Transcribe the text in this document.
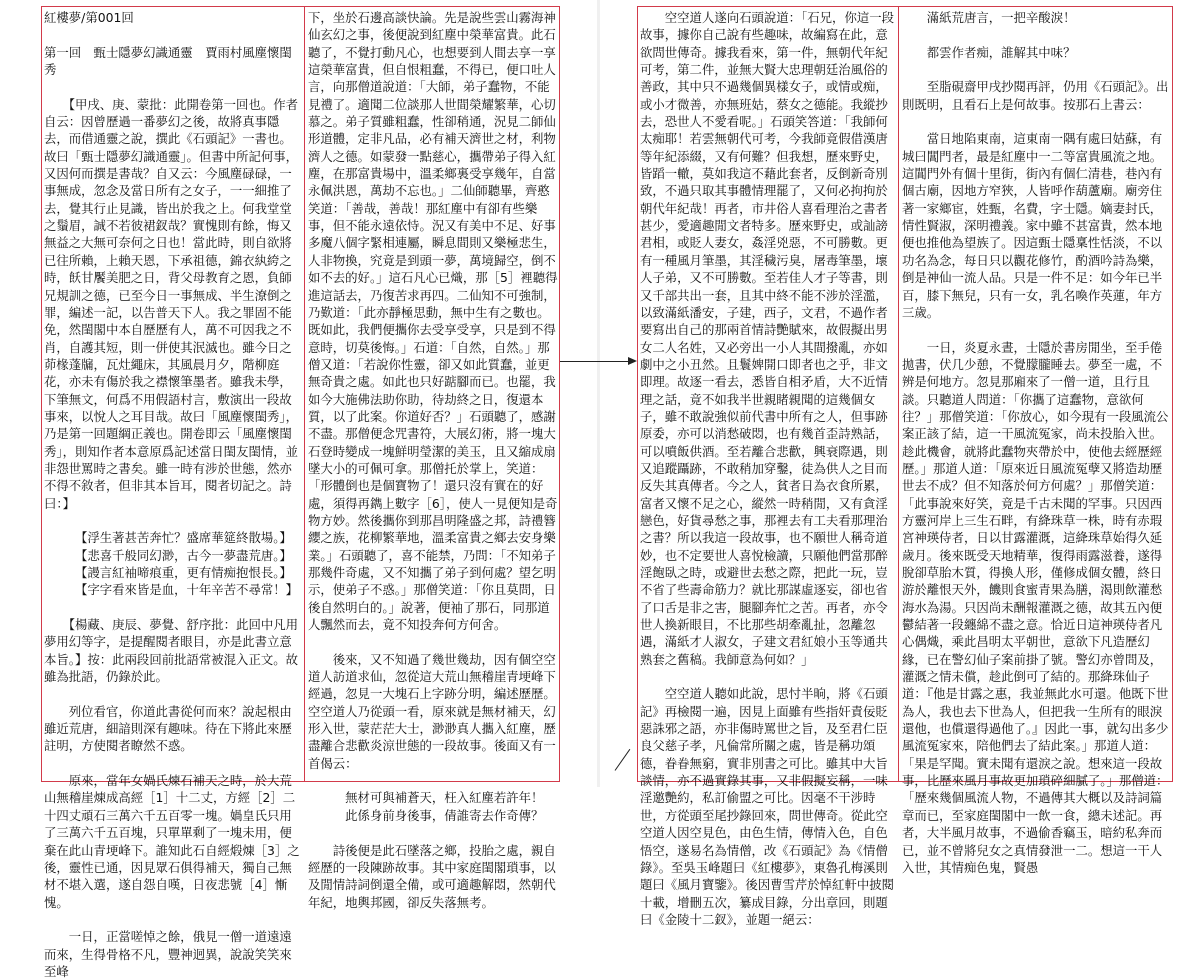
紅樓夢/第001回

第一回　甄士隱夢幻識通靈　賈雨村風塵懷閨秀

　　【甲戌、庚、蒙批：此開卷第一回也。作者自云：因曾歷過一番夢幻之後，故將真事隱去，而借通靈之說，撰此《石頭記》一書也。故曰「甄士隱夢幻識通靈」。但書中所記何事，又因何而撰是書哉？自又云：今風塵碌碌，一事無成，忽念及當日所有之女子，一一細推了去，覺其行止見識，皆出於我之上。何我堂堂之鬚眉，誠不若彼裙釵哉？實愧則有餘，悔又無益之大無可奈何之日也！當此時，則自欲將已往所賴，上賴天恩，下承祖德，錦衣紈絝之時，飫甘饜美肥之日，背父母教育之恩，負師兄規訓之德，已至今日一事無成、半生潦倒之罪，編述一記，以告普天下人。我之罪固不能免，然閨閣中本自歷歷有人，萬不可因我之不肖，自護其短，則一併使其泯滅也。雖今日之茆椽蓬牖，瓦灶繩床，其風晨月夕，階柳庭花，亦未有傷於我之襟懷筆墨者。雖我未學，下筆無文，何爲不用假語村言，敷演出一段故事來，以悅人之耳目哉。故曰「風塵懷閨秀」，乃是第一回題綱正義也。開卷即云「風塵懷閨秀」，則知作者本意原爲記述當日閨友閨情，並非怨世罵時之書矣。雖一時有涉於世態，然亦不得不敘者，但非其本旨耳，閱者切記之。詩曰：】

　　　【浮生著甚苦奔忙？盛席華筵終散場。】
　　　【悲喜千般同幻渺，古今一夢盡荒唐。】
　　　【謾言紅袖啼痕重，更有情痴抱恨長。】
　　　【字字看來皆是血，十年辛苦不尋常！】

　　【楊藏、庚辰、夢覺、舒序批：此回中凡用夢用幻等字，是提醒閱者眼目，亦是此書立意本旨。】按：此兩段回前批語常被混入正文。故雖為批語，仍錄於此。

　　列位看官，你道此書從何而來？說起根由雖近荒唐，細諳則深有趣味。待在下將此來歷註明，方使閱者瞭然不惑。

　　原來，當年女媧氏煉石補天之時，於大荒山無稽崖煉成高經［1］十二丈，方經［2］二十四丈頑石三萬六千五百零一塊。媧皇氏只用了三萬六千五百塊，只單單剩了一塊未用，便棄在此山青埂峰下。誰知此石自經煅煉［3］之後，靈性已通，因見眾石俱得補天，獨自己無材不堪入選，遂自怨自嘆，日夜悲號［4］慚愧。

　　一日，正當嗟悼之餘，俄見一僧一道遠遠而來，生得骨格不凡，豐神迥異，說說笑笑來至峰

下，坐於石邊高談快論。先是說些雲山霧海神仙玄幻之事，後便說到紅塵中榮華富貴。此石聽了，不覺打動凡心，也想要到人間去享一享這榮華富貴，但自恨粗蠢，不得已，便口吐人言，向那僧道說道：「大師，弟子蠢物，不能見禮了。適聞二位談那人世間榮耀繁華，心切慕之。弟子質雖粗蠢，性卻稍通，況見二師仙形道體，定非凡品，必有補天濟世之材，利物濟人之德。如蒙發一點慈心，攜帶弟子得入紅塵，在那富貴場中，溫柔鄉裏受享幾年，自當永佩洪恩，萬劫不忘也。」二仙師聽畢，齊憨笑道：「善哉，善哉！那紅塵中有卻有些樂事，但不能永遠依恃。況又有美中不足、好事多魔八個字緊相連屬，瞬息間則又樂極悲生，人非物換，究竟是到頭一夢，萬境歸空，倒不如不去的好。」這石凡心已熾，那［5］裡聽得進這話去，乃復苦求再四。二仙知不可強制，乃歎道：「此亦靜極思動，無中生有之數也。既如此，我們便攜你去受享受享，只是到不得意時，切莫後悔。」石道：「自然，自然。」那僧又道：「若說你性靈，卻又如此質蠢，並更無奇貴之處。如此也只好踮腳而已。也罷，我如今大施佛法助你助，待劫終之日，復還本質，以了此案。你道好否？」石頭聽了，感謝不盡。那僧便念咒書符，大展幻術，將一塊大石登時變成一塊鮮明瑩潔的美玉，且又縮成扇墜大小的可佩可拿。那僧托於掌上，笑道：「形體倒也是個寶物了！還只沒有實在的好處，須得再鐫上數字［6］，使人一見便知是奇物方妙。然後攜你到那昌明隆盛之邦，詩禮簪纓之族，花柳繁華地，溫柔富貴之鄉去安身樂業。」石頭聽了，喜不能禁，乃問：「不知弟子那幾件奇處，又不知攜了弟子到何處？望乞明示，使弟子不惑。」那僧笑道：「你且莫問，日後自然明白的。」說著，便袖了那石，同那道人飄然而去，竟不知投奔何方何舍。

　　後來，又不知過了幾世幾劫，因有個空空道人訪道求仙，忽從這大荒山無稽崖青埂峰下經過，忽見一大塊石上字跡分明，編述歷歷。空空道人乃從頭一看，原來就是無材補天，幻形入世，蒙茫茫大士，渺渺真人攜入紅塵，歷盡離合悲歡炎涼世態的一段故事。後面又有一首偈云：

　　　無材可與補蒼天，枉入紅塵若許年！
　　　此係身前身後事，倩誰寄去作奇傳？

　　詩後便是此石墜落之鄉，投胎之處，親自經歷的一段陳跡故事。其中家庭閨閣瑣事，以及閒情詩詞倒還全備，或可適趣解悶，然朝代年紀，地輿邦國，卻反失落無考。

　　空空道人遂向石頭說道：「石兄，你這一段故事，據你自己說有些趣味，故編寫在此，意欲問世傳奇。據我看來，第一件，無朝代年紀可考，第二件，並無大賢大忠理朝廷治風俗的善政，其中只不過幾個異樣女子，或情或痴，或小才微善，亦無班姑，蔡女之德能。我縱抄去，恐世人不愛看呢。」石頭笑答道：「我師何太痴耶！若雲無朝代可考，今我師竟假借漢唐等年紀添綴，又有何難？但我想，歷來野史，皆蹈一轍，莫如我這不藉此套者，反倒新奇別致，不過只取其事體情理罷了，又何必拘拘於朝代年紀哉！再者，市井俗人喜看理治之書者甚少，愛適趣閒文者特多。歷來野史，或訕謗君相，或貶人妻女，姦淫兇惡，不可勝數。更有一種風月筆墨，其淫穢污臭，屠毒筆墨，壞人子弟，又不可勝數。至若佳人才子等書，則又千部共出一套，且其中終不能不涉於淫濫，以致滿紙潘安，子建，西子，文君，不過作者要寫出自己的那兩首情詩艷賦來，故假擬出男女二人名姓，又必旁出一小人其間撥亂，亦如劇中之小丑然。且鬟婢開口即者也之乎，非文即理。故逐一看去，悉皆自相矛盾，大不近情理之話，竟不如我半世親睹親聞的這幾個女子，雖不敢說強似前代書中所有之人，但事跡原委，亦可以消愁破悶，也有幾首歪詩熟話，可以噴飯供酒。至若離合悲歡，興衰際遇，則又追蹤躡跡，不敢稍加穿鑿，徒為供人之目而反失其真傳者。今之人，貧者日為衣食所累，富者又懷不足之心，縱然一時稍閒，又有貪淫戀色，好貨尋愁之事，那裡去有工夫看那理治之書？所以我這一段故事，也不願世人稱奇道妙，也不定要世人喜悅檢讀，只願他們當那醉淫飽臥之時，或避世去愁之際，把此一玩，豈不省了些壽命筋力？就比那謀虛逐妄，卻也省了口舌是非之害，腿腳奔忙之苦。再者，亦令世人換新眼目，不比那些胡牽亂扯，忽離忽遇，滿紙才人淑女，子建文君紅娘小玉等通共熟套之舊稿。我師意為何如？」

　　空空道人聽如此說，思忖半晌，將《石頭記》再檢閱一遍，因見上面雖有些指奸責佞貶惡誅邪之語，亦非傷時罵世之旨，及至君仁臣良父慈子孝，凡倫常所關之處，皆是稱功頌德，眷眷無窮，實非別書之可比。雖其中大旨談情，亦不過實錄其事，又非假擬妄稱，一味淫邀艷約，私訂偷盟之可比。因毫不干涉時世，方從頭至尾抄錄回來，問世傳奇。從此空空道人因空見色，由色生情，傳情入色，自色悟空，遂易名為情僧，改《石頭記》為《情僧錄》。至吳玉峰題曰《紅樓夢》，東魯孔梅溪則題曰《風月寶鑒》。後因曹雪芹於悼紅軒中披閱十載，增刪五次，纂成目錄，分出章回，則題曰《金陵十二釵》，並題一絕云：

　　滿紙荒唐言，一把辛酸淚！

　　都雲作者痴，誰解其中味？

　　至脂硯齋甲戌抄閱再評，仍用《石頭記》。出則既明，且看石上是何故事。按那石上書云：

　　當日地陷東南，這東南一隅有處曰姑蘇，有城曰閶門者，最是紅塵中一二等富貴風流之地。這閶門外有個十里街，街內有個仁清巷，巷內有個古廟，因地方窄狹，人皆呼作葫蘆廟。廟旁住著一家鄉宦，姓甄，名費，字士隱。嫡妻封氏，情性賢淑，深明禮義。家中雖不甚富貴，然本地便也推他為望族了。因這甄士隱稟性恬淡，不以功名為念，每日只以觀花修竹，酌酒吟詩為樂，倒是神仙一流人品。只是一件不足：如今年已半百，膝下無兒，只有一女，乳名喚作英蓮，年方三歲。

　　一日，炎夏永晝，士隱於書房閒坐，至手倦拋書，伏几少憩，不覺朦朧睡去。夢至一處，不辨是何地方。忽見那廂來了一僧一道，且行且談。只聽道人問道：「你攜了這蠢物，意欲何往？」那僧笑道：「你放心，如今現有一段風流公案正該了結，這一干風流冤家，尚未投胎入世。趁此機會，就將此蠢物夾帶於中，使他去經歷經歷。」那道人道：「原來近日風流冤孽又將造劫歷世去不成？但不知落於何方何處？」那僧笑道：「此事說來好笑，竟是千古未聞的罕事。只因西方靈河岸上三生石畔，有絳珠草一株，時有赤瑕宮神瑛侍者，日以甘露灌溉，這絳珠草始得久延歲月。後來既受天地精華，復得雨露滋養，遂得脫卻草胎木質，得換人形，僅修成個女體，終日游於離恨天外，饑則食蜜青果為膳，渴則飲灌愁海水為湯。只因尚未酬報灌溉之德，故其五內便鬱結著一段纏綿不盡之意。恰近日這神瑛侍者凡心偶熾，乘此昌明太平朝世，意欲下凡造歷幻緣，已在警幻仙子案前掛了號。警幻亦曾問及，灌溉之情未償，趁此倒可了結的。那絳珠仙子道：『他是甘露之惠，我並無此水可還。他既下世為人，我也去下世為人，但把我一生所有的眼淚還他，也償還得過他了。』因此一事，就勾出多少風流冤家來，陪他們去了結此案。」那道人道：「果是罕聞。實未聞有還淚之說。想來這一段故事，比歷來風月事故更加瑣碎細膩了。」那僧道：「歷來幾個風流人物，不過傳其大概以及詩詞篇章而已，至家庭閨閣中一飲一食，總未述記。再者，大半風月故事，不過偷香竊玉，暗約私奔而已，並不曾將兒女之真情發泄一二。想這一干人入世，其情痴色鬼，賢愚
